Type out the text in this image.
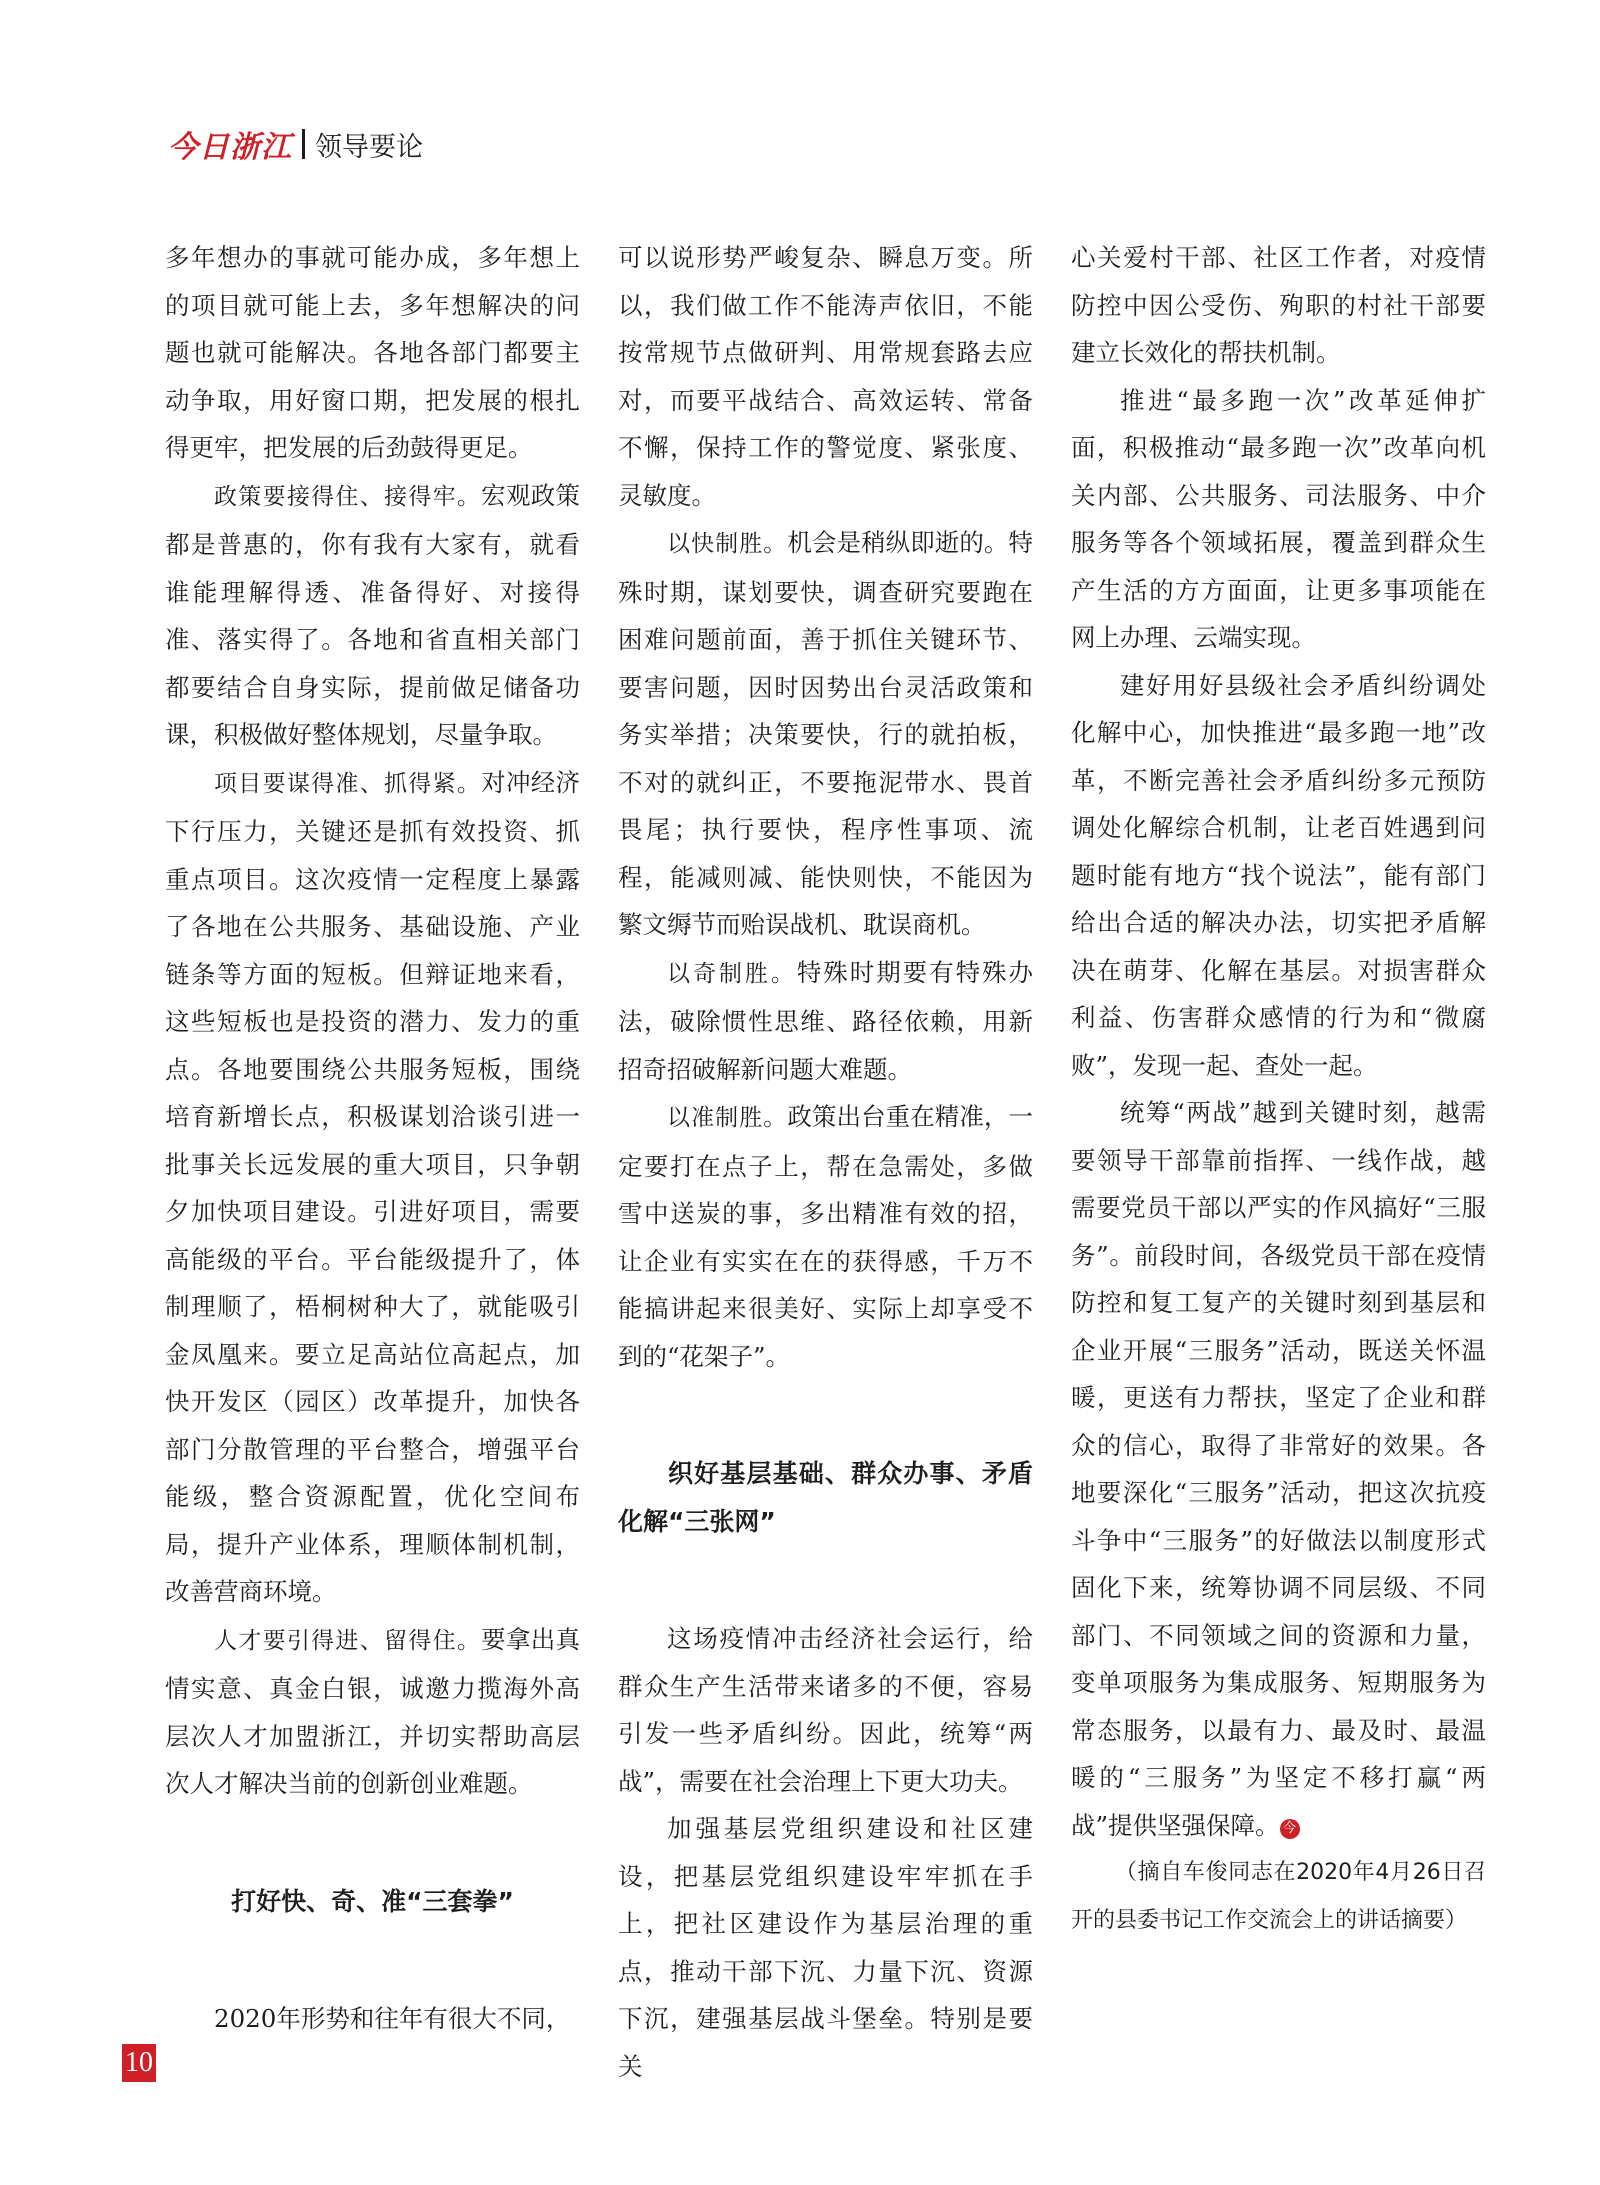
今日浙江 领导要论

多年想办的事就可能办成，多年想上的项目就可能上去，多年想解决的问题也就可能解决。各地各部门都要主动争取，用好窗口期，把发展的根扎得更牢，把发展的后劲鼓得更足。

政策要接得住、接得牢。宏观政策都是普惠的，你有我有大家有，就看谁能理解得透、准备得好、对接得准、落实得了。各地和省直相关部门都要结合自身实际，提前做足储备功课，积极做好整体规划，尽量争取。

项目要谋得准、抓得紧。对冲经济下行压力，关键还是抓有效投资、抓重点项目。这次疫情一定程度上暴露了各地在公共服务、基础设施、产业链条等方面的短板。但辩证地来看，这些短板也是投资的潜力、发力的重点。各地要围绕公共服务短板，围绕培育新增长点，积极谋划洽谈引进一批事关长远发展的重大项目，只争朝夕加快项目建设。引进好项目，需要高能级的平台。平台能级提升了，体制理顺了，梧桐树种大了，就能吸引金凤凰来。要立足高站位高起点，加快开发区（园区）改革提升，加快各部门分散管理的平台整合，增强平台能级，整合资源配置，优化空间布局，提升产业体系，理顺体制机制，改善营商环境。

人才要引得进、留得住。要拿出真情实意、真金白银，诚邀力揽海外高层次人才加盟浙江，并切实帮助高层次人才解决当前的创新创业难题。

打好快、奇、准“三套拳”

2020年形势和往年有很大不同，

可以说形势严峻复杂、瞬息万变。所以，我们做工作不能涛声依旧，不能按常规节点做研判、用常规套路去应对，而要平战结合、高效运转、常备不懈，保持工作的警觉度、紧张度、灵敏度。

以快制胜。机会是稍纵即逝的。特殊时期，谋划要快，调查研究要跑在困难问题前面，善于抓住关键环节、要害问题，因时因势出台灵活政策和务实举措；决策要快，行的就拍板，不对的就纠正，不要拖泥带水、畏首畏尾；执行要快，程序性事项、流程，能减则减、能快则快，不能因为繁文缛节而贻误战机、耽误商机。

以奇制胜。特殊时期要有特殊办法，破除惯性思维、路径依赖，用新招奇招破解新问题大难题。

以准制胜。政策出台重在精准，一定要打在点子上，帮在急需处，多做雪中送炭的事，多出精准有效的招，让企业有实实在在的获得感，千万不能搞讲起来很美好、实际上却享受不到的“花架子”。

织好基层基础、群众办事、矛盾化解“三张网”

这场疫情冲击经济社会运行，给群众生产生活带来诸多的不便，容易引发一些矛盾纠纷。因此，统筹“两战”，需要在社会治理上下更大功夫。

加强基层党组织建设和社区建设，把基层党组织建设牢牢抓在手上，把社区建设作为基层治理的重点，推动干部下沉、力量下沉、资源下沉，建强基层战斗堡垒。特别是要关

心关爱村干部、社区工作者，对疫情防控中因公受伤、殉职的村社干部要建立长效化的帮扶机制。

推进“最多跑一次”改革延伸扩面，积极推动“最多跑一次”改革向机关内部、公共服务、司法服务、中介服务等各个领域拓展，覆盖到群众生产生活的方方面面，让更多事项能在网上办理、云端实现。

建好用好县级社会矛盾纠纷调处化解中心，加快推进“最多跑一地”改革，不断完善社会矛盾纠纷多元预防调处化解综合机制，让老百姓遇到问题时能有地方“找个说法”，能有部门给出合适的解决办法，切实把矛盾解决在萌芽、化解在基层。对损害群众利益、伤害群众感情的行为和“微腐败”，发现一起、查处一起。

统筹“两战”越到关键时刻，越需要领导干部靠前指挥、一线作战，越需要党员干部以严实的作风搞好“三服务”。前段时间，各级党员干部在疫情防控和复工复产的关键时刻到基层和企业开展“三服务”活动，既送关怀温暖，更送有力帮扶，坚定了企业和群众的信心，取得了非常好的效果。各地要深化“三服务”活动，把这次抗疫斗争中“三服务”的好做法以制度形式固化下来，统筹协调不同层级、不同部门、不同领域之间的资源和力量，变单项服务为集成服务、短期服务为常态服务，以最有力、最及时、最温暖的“三服务”为坚定不移打赢“两战”提供坚强保障。 今

（摘自车俊同志在2020年4月26日召开的县委书记工作交流会上的讲话摘要）

10
